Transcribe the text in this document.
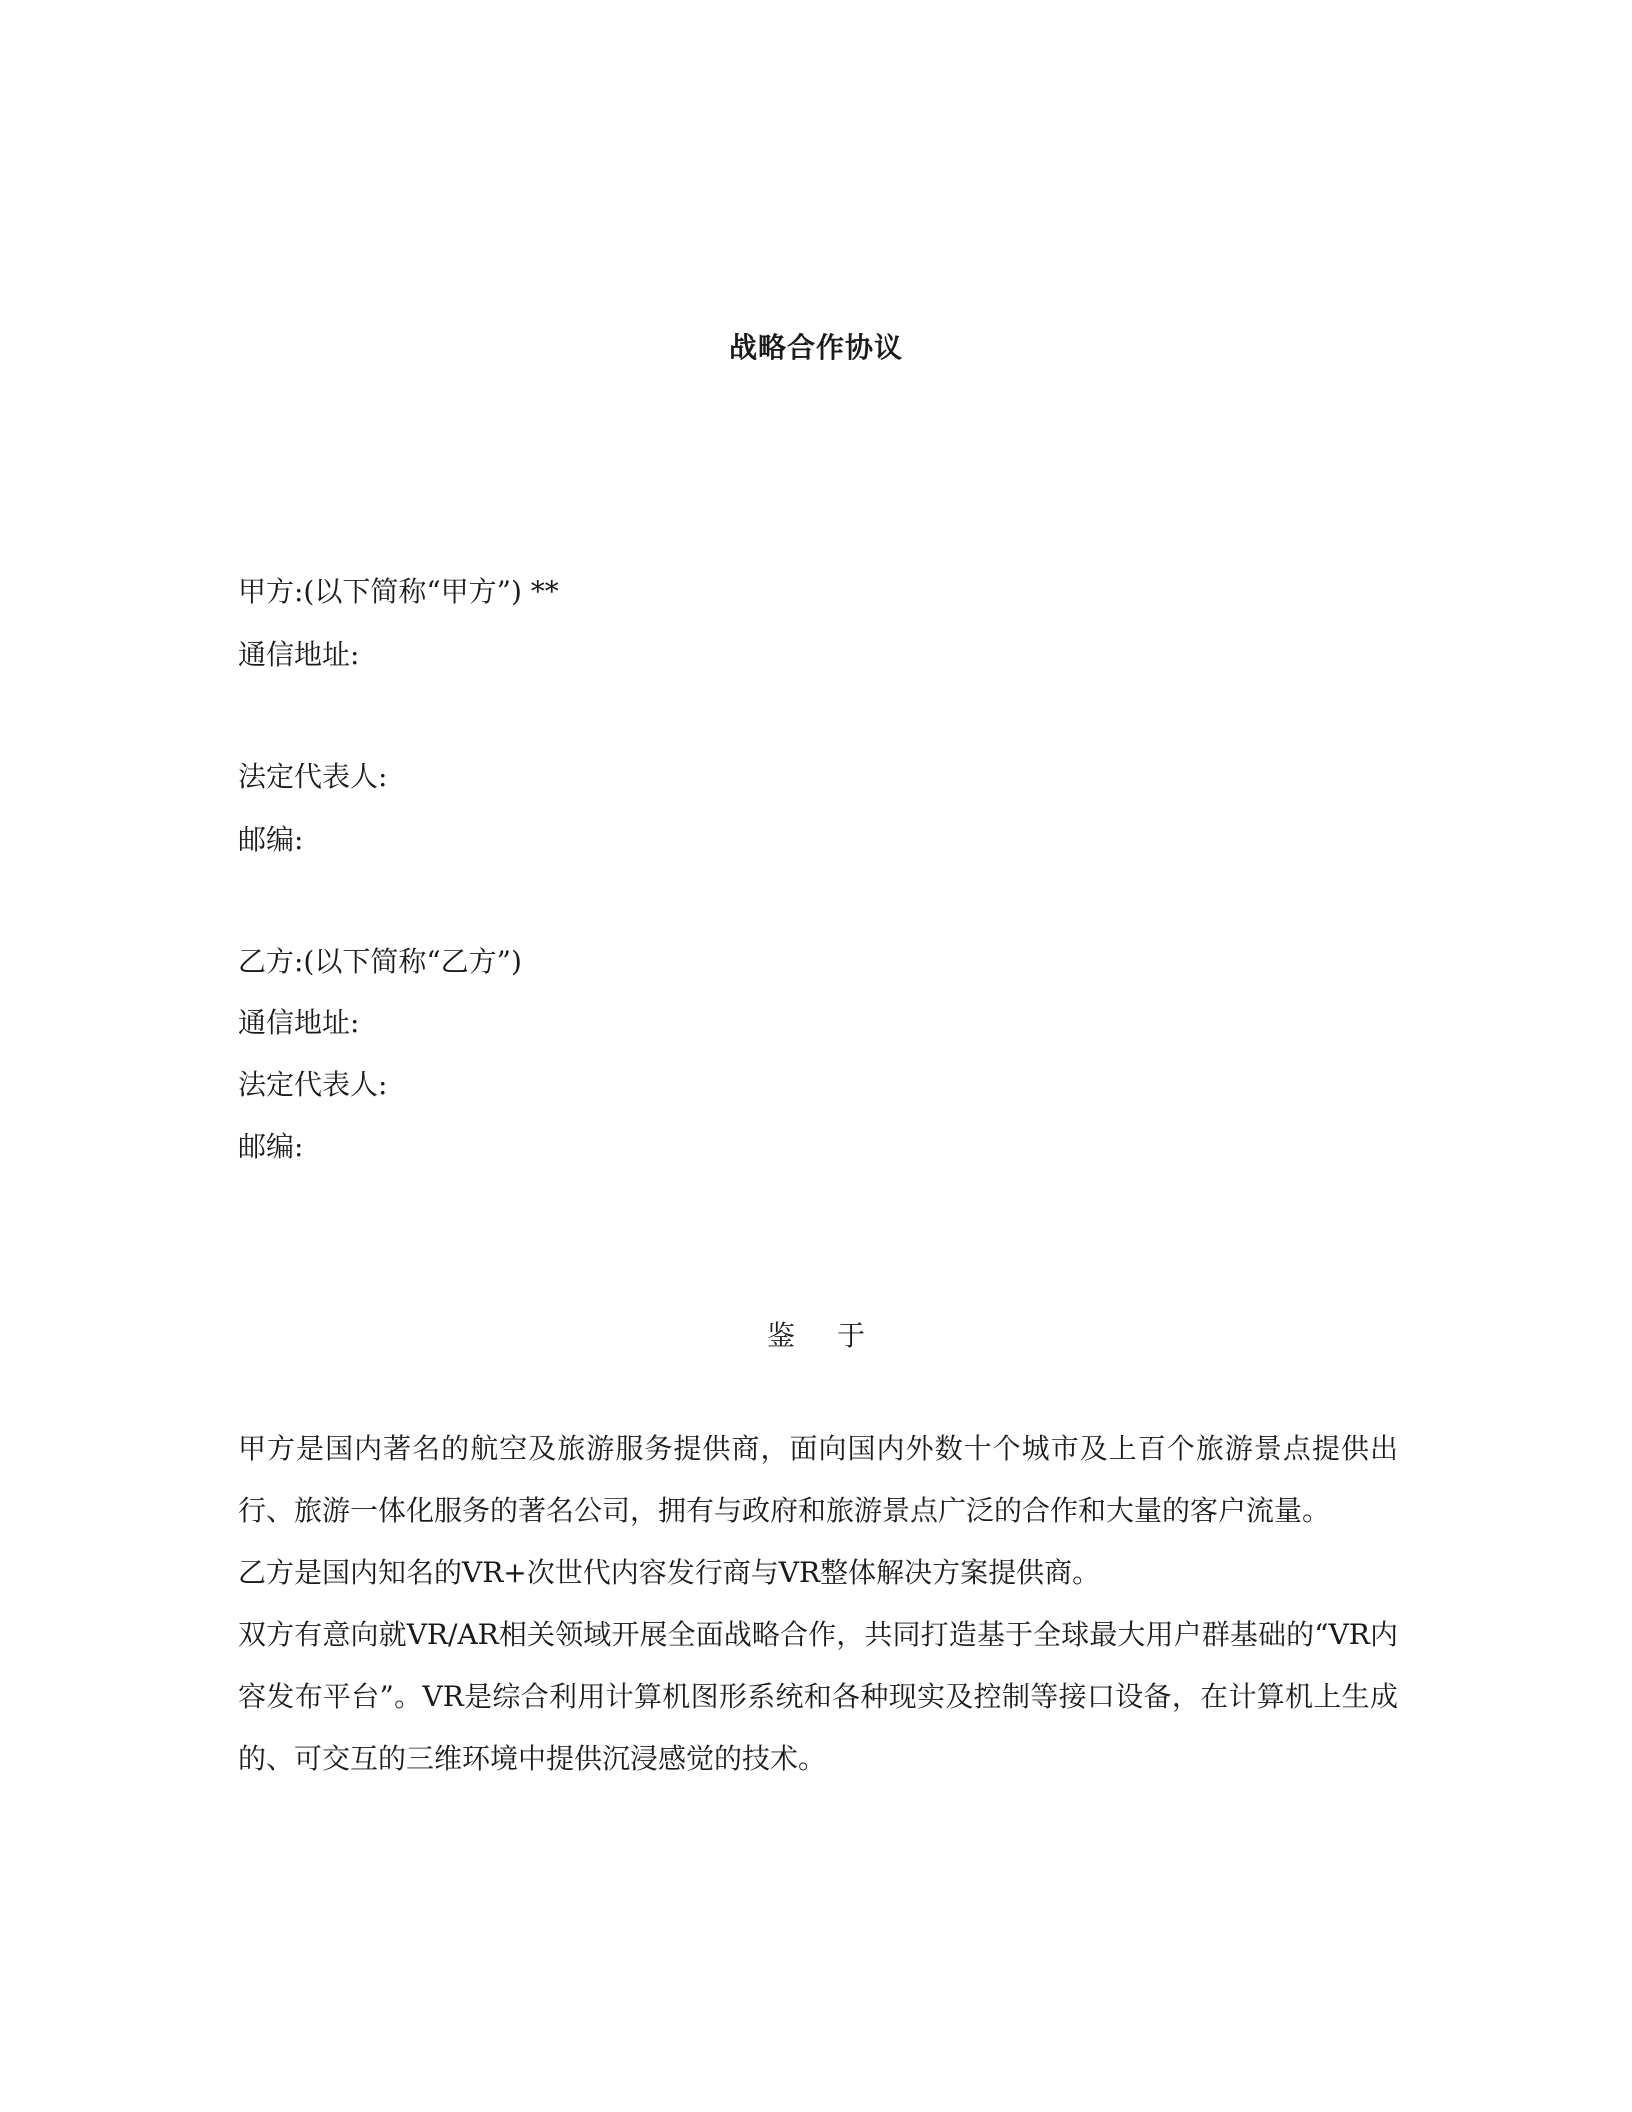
战略合作协议
甲方:(以下简称“甲方”) **
通信地址:
法定代表人:
邮编:
乙方:(以下简称“乙方”)
通信地址:
法定代表人:
邮编:
鉴 于
甲方是国内著名的航空及旅游服务提供商，面向国内外数十个城市及上百个旅游景点提供出行、旅游一体化服务的著名公司，拥有与政府和旅游景点广泛的合作和大量的客户流量。
乙方是国内知名的VR+次世代内容发行商与VR整体解决方案提供商。
双方有意向就VR/AR相关领域开展全面战略合作，共同打造基于全球最大用户群基础的“VR内容发布平台”。VR是综合利用计算机图形系统和各种现实及控制等接口设备，在计算机上生成的、可交互的三维环境中提供沉浸感觉的技术。
